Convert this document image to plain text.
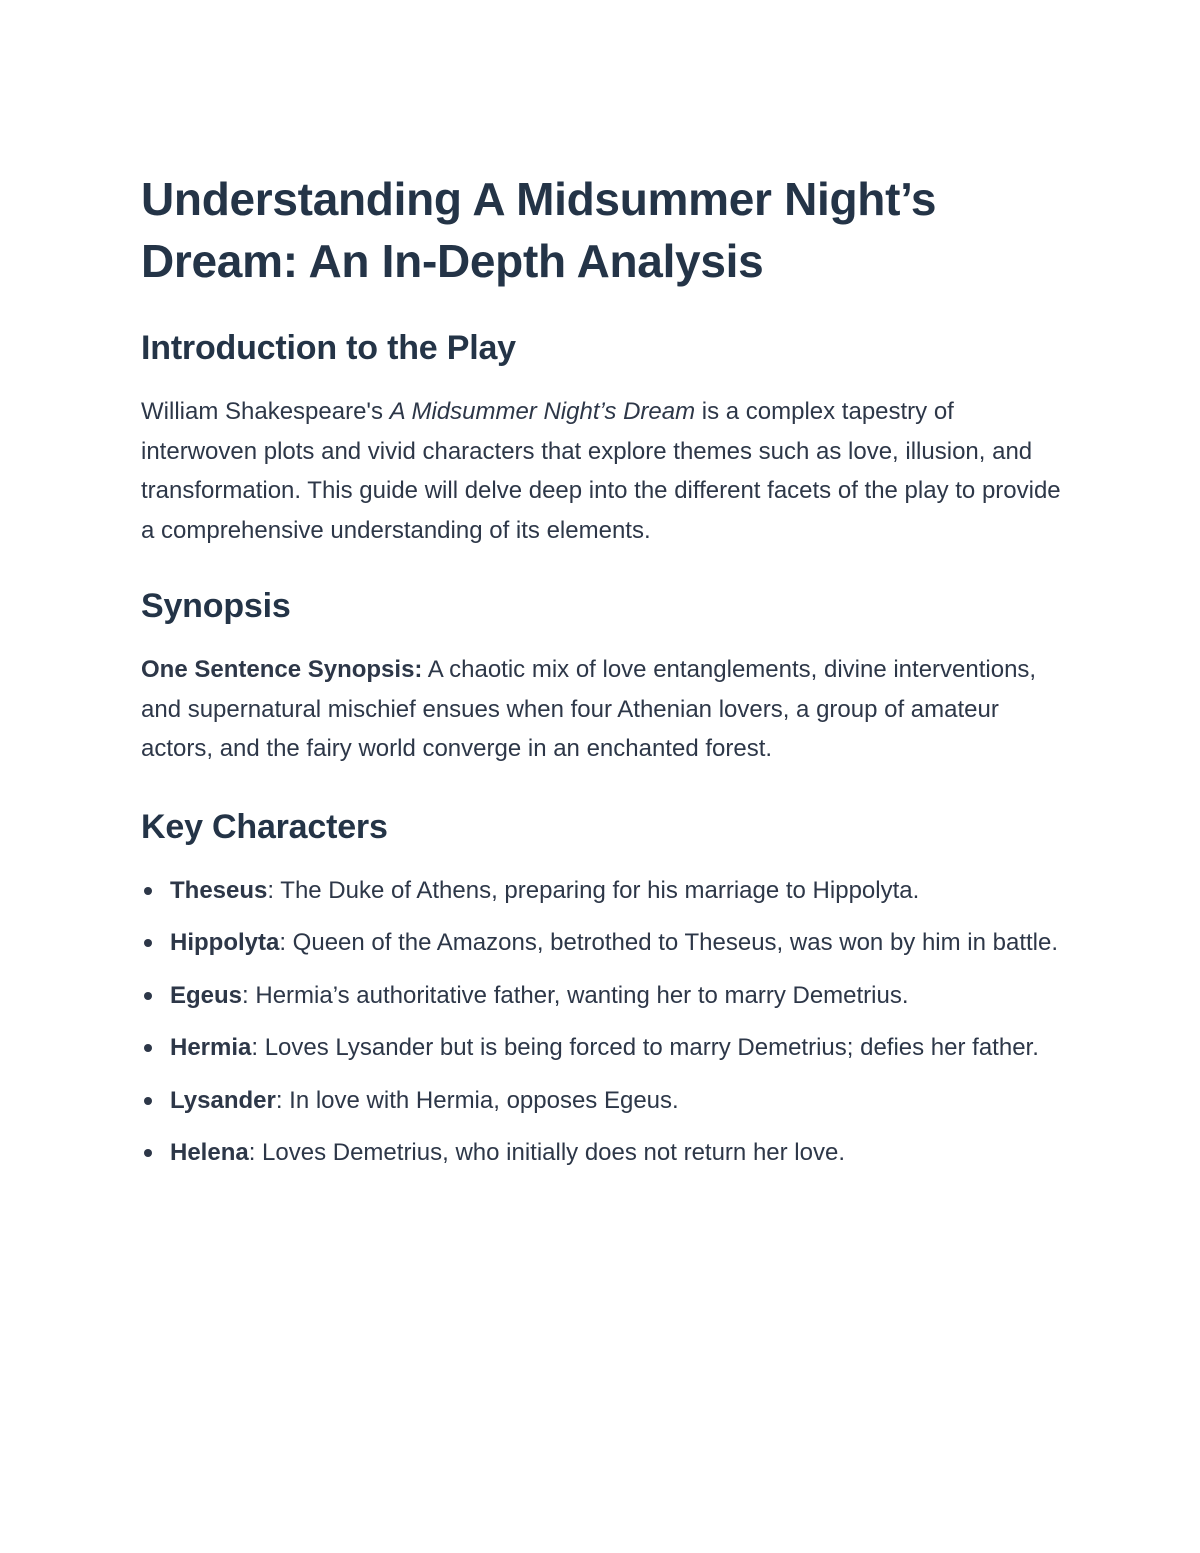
Understanding A Midsummer Night’s Dream: An In-Depth Analysis
Introduction to the Play

William Shakespeare's A Midsummer Night’s Dream is a complex tapestry of interwoven plots and vivid characters that explore themes such as love, illusion, and transformation. This guide will delve deep into the different facets of the play to provide a comprehensive understanding of its elements.

Synopsis

One Sentence Synopsis: A chaotic mix of love entanglements, divine interventions, and supernatural mischief ensues when four Athenian lovers, a group of amateur actors, and the fairy world converge in an enchanted forest.

Key Characters
Theseus: The Duke of Athens, preparing for his marriage to Hippolyta.
Hippolyta: Queen of the Amazons, betrothed to Theseus, was won by him in battle.
Egeus: Hermia’s authoritative father, wanting her to marry Demetrius.
Hermia: Loves Lysander but is being forced to marry Demetrius; defies her father.
Lysander: In love with Hermia, opposes Egeus.
Helena: Loves Demetrius, who initially does not return her love.
